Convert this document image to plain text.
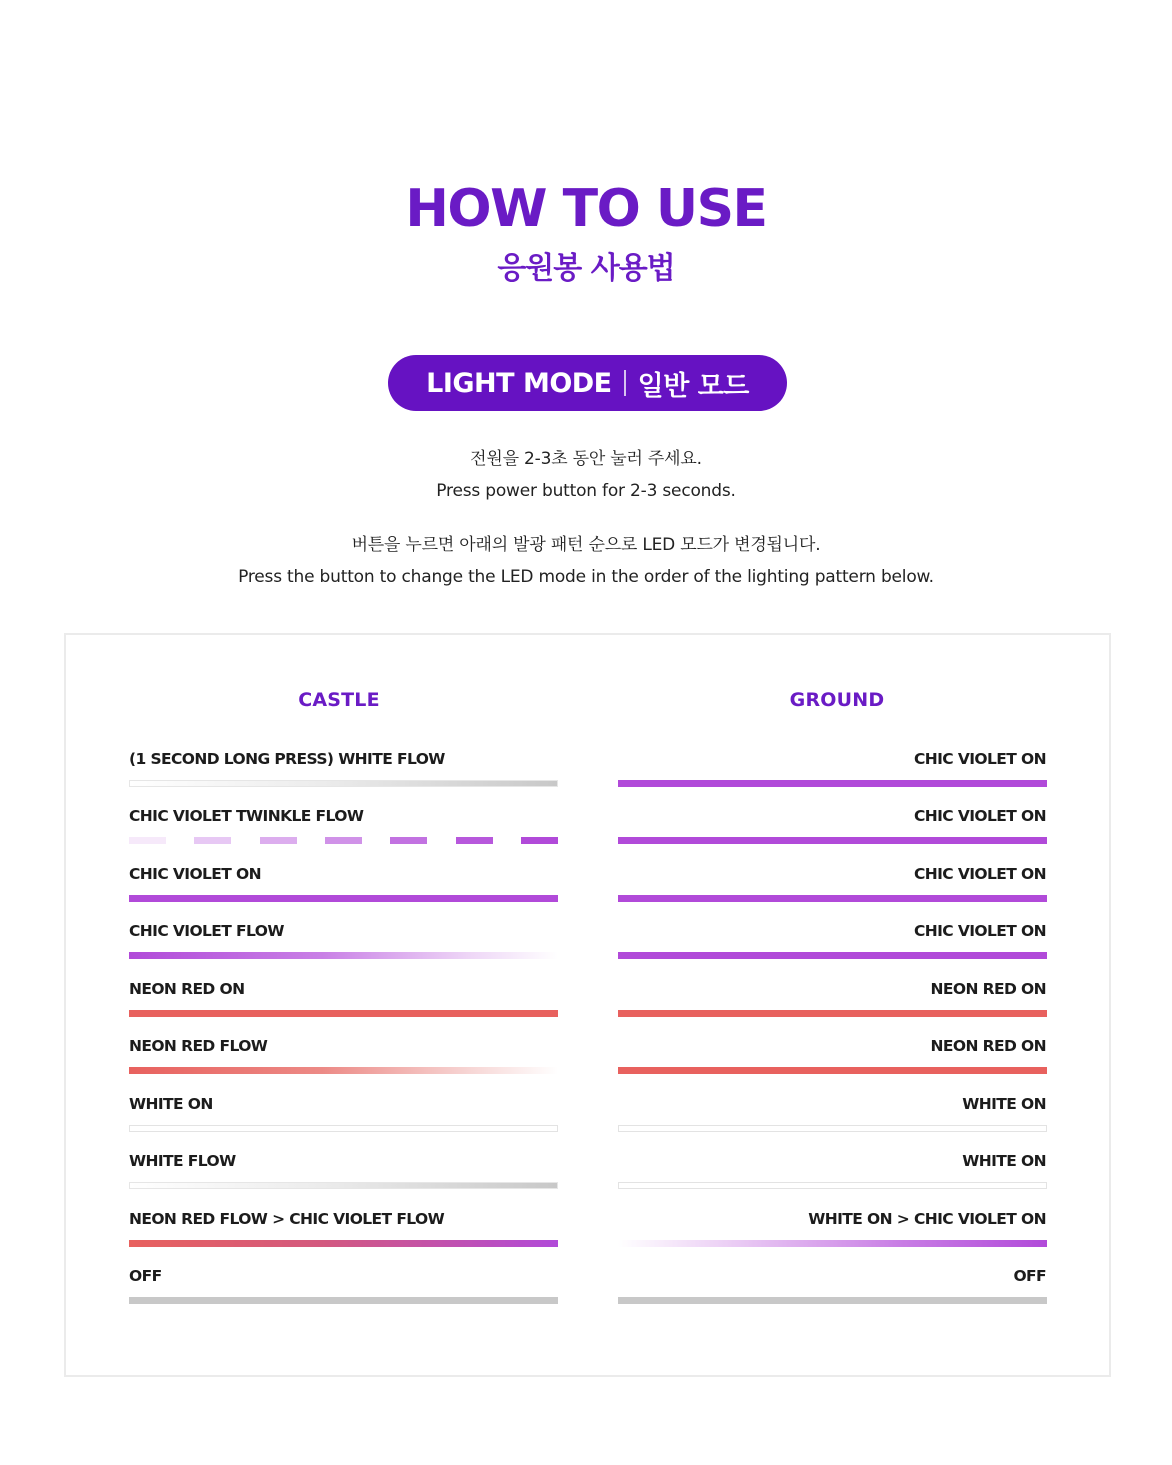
HOW TO USE
응원봉 사용법
LIGHT MODE 일반 모드
전원을 2-3초 동안 눌러 주세요.
Press power button for 2-3 seconds.
버튼을 누르면 아래의 발광 패턴 순으로 LED 모드가 변경됩니다.
Press the button to change the LED mode in the order of the lighting pattern below.
CASTLE	GROUND
(1 SECOND LONG PRESS) WHITE FLOW
CHIC VIOLET TWINKLE FLOW
CHIC VIOLET ON
CHIC VIOLET FLOW
NEON RED ON
NEON RED FLOW
WHITE ON
WHITE FLOW
NEON RED FLOW > CHIC VIOLET FLOW
OFF
CHIC VIOLET ON
CHIC VIOLET ON
CHIC VIOLET ON
CHIC VIOLET ON
NEON RED ON
NEON RED ON
WHITE ON
WHITE ON
WHITE ON > CHIC VIOLET ON
OFF
